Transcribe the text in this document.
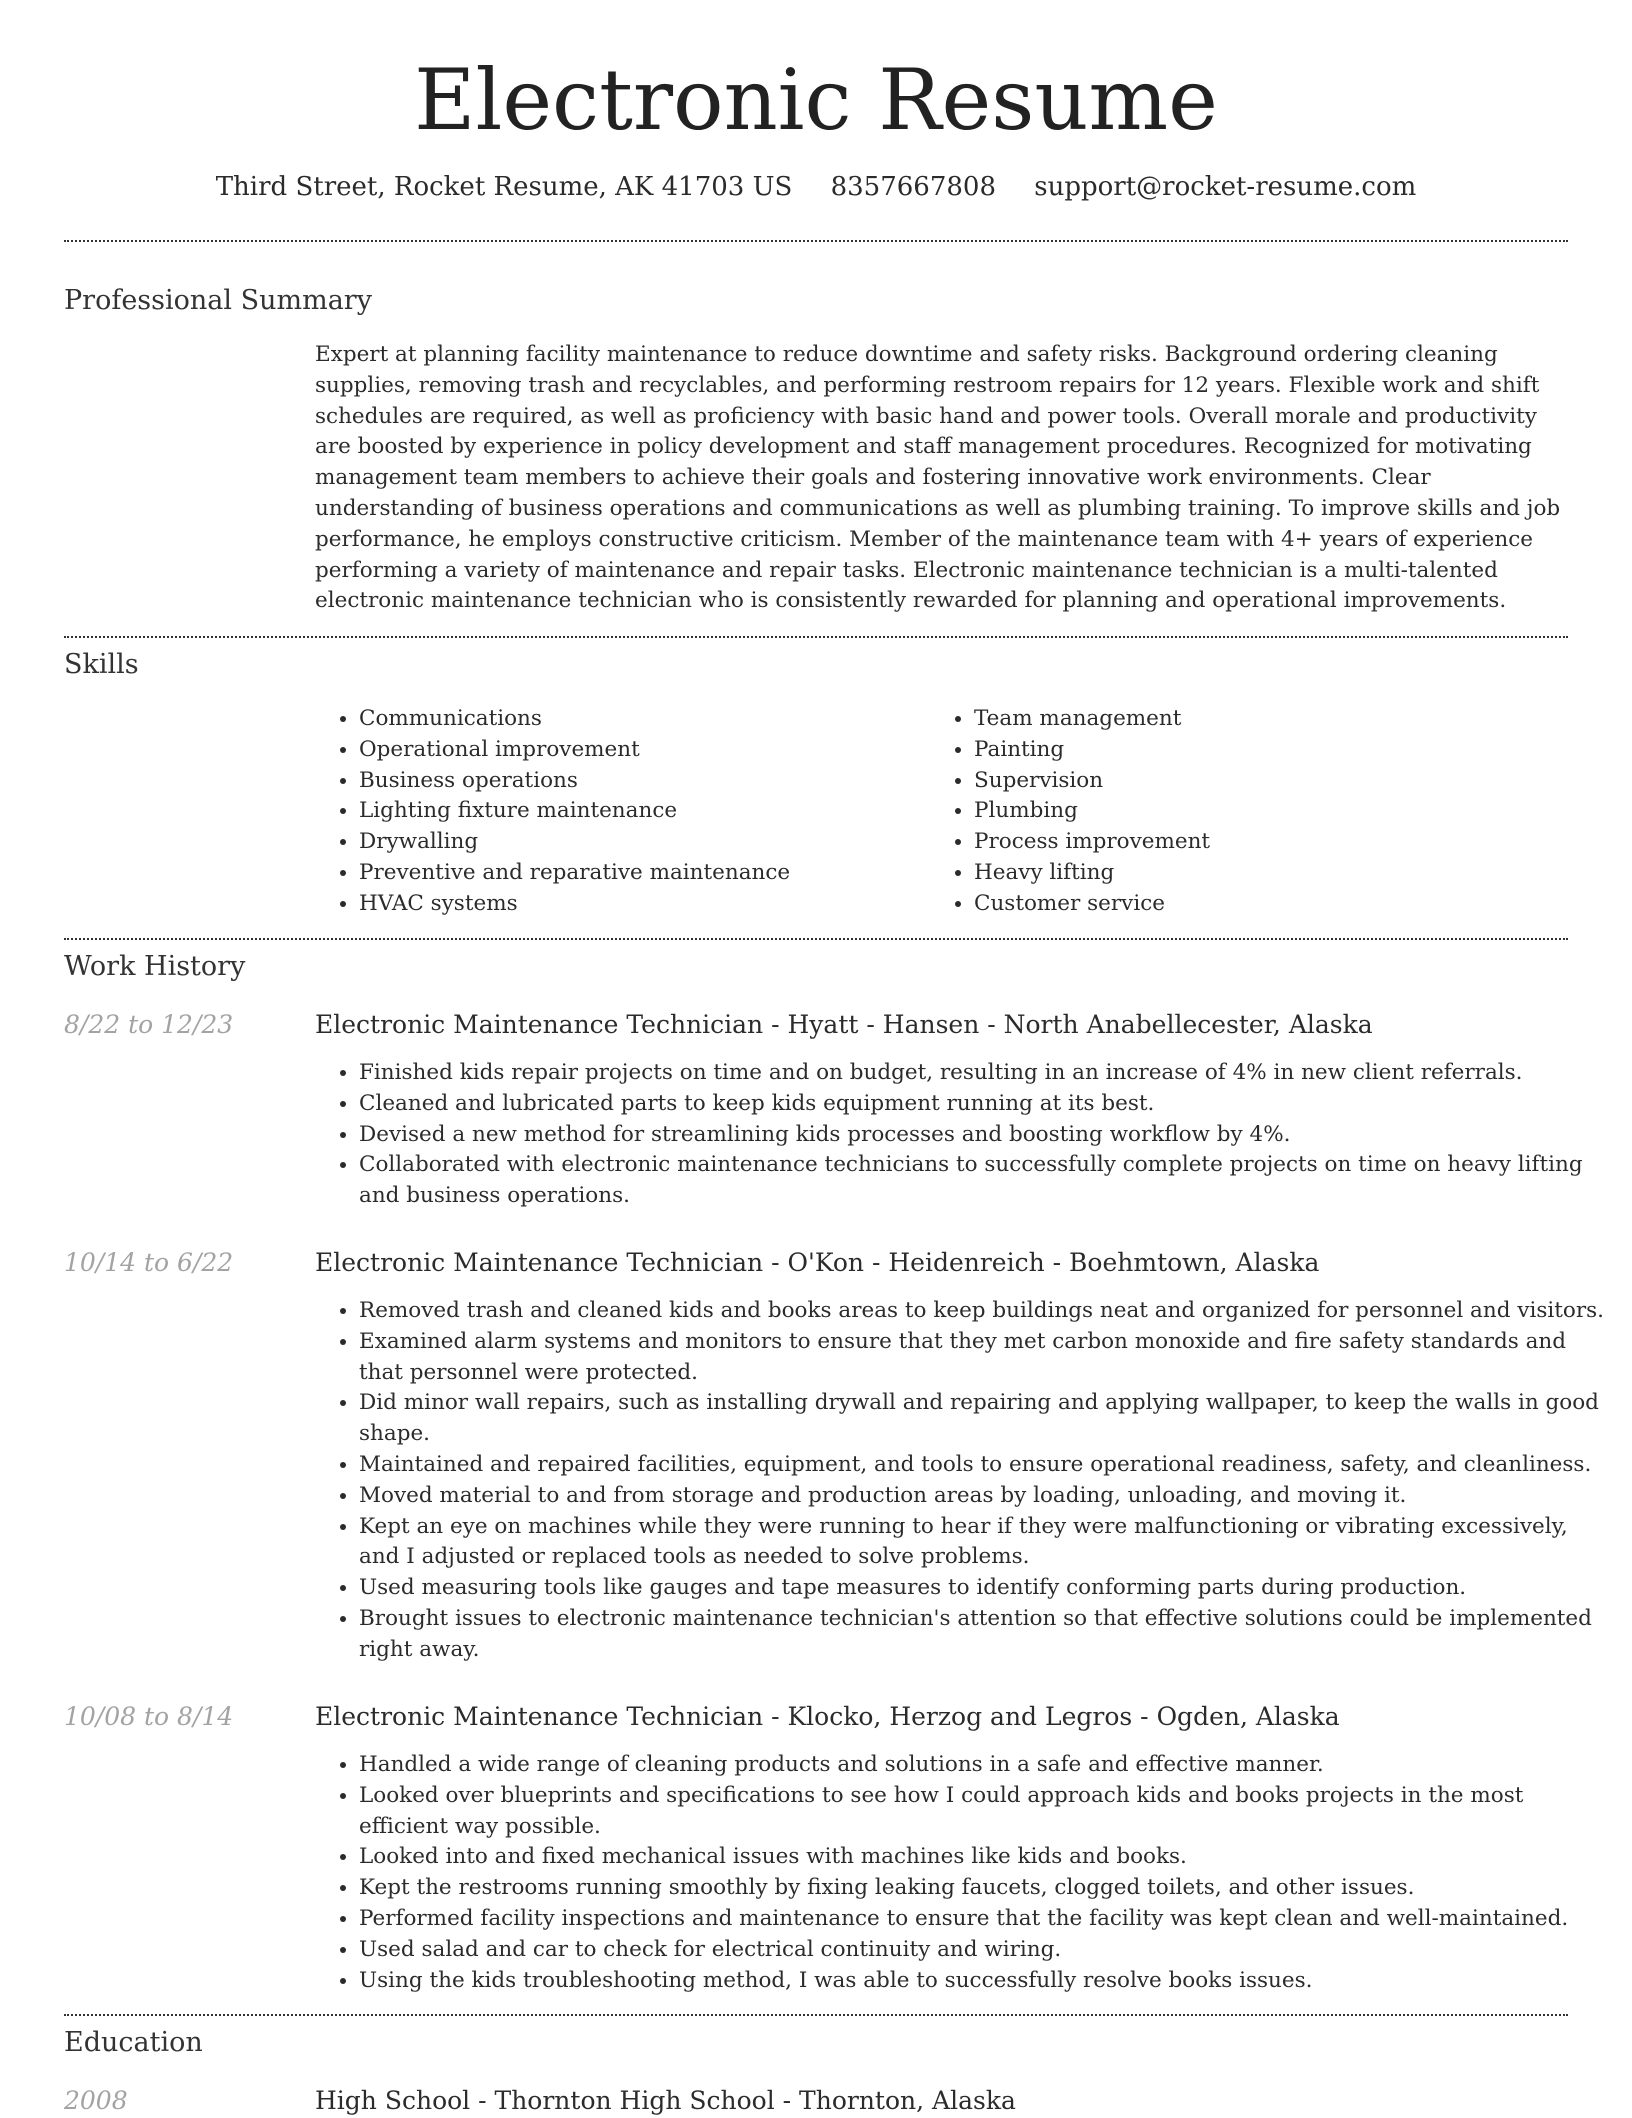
Electronic Resume
Third Street, Rocket Resume, AK 41703 US 8357667808 support@rocket-resume.com
Professional Summary

Expert at planning facility maintenance to reduce downtime and safety risks. Background ordering cleaning supplies, removing trash and recyclables, and performing restroom repairs for 12 years. Flexible work and shift schedules are required, as well as proficiency with basic hand and power tools. Overall morale and productivity are boosted by experience in policy development and staff management procedures. Recognized for motivating management team members to achieve their goals and fostering innovative work environments. Clear understanding of business operations and communications as well as plumbing training. To improve skills and job performance, he employs constructive criticism. Member of the maintenance team with 4+ years of experience performing a variety of maintenance and repair tasks. Electronic maintenance technician is a multi-talented electronic maintenance technician who is consistently rewarded for planning and operational improvements.

Skills
• Communications
• Operational improvement
• Business operations
• Lighting fixture maintenance
• Drywalling
• Preventive and reparative maintenance
• HVAC systems
• Team management
• Painting
• Supervision
• Plumbing
• Process improvement
• Heavy lifting
• Customer service
Work History
8/22 to 12/23	Electronic Maintenance Technician - Hyatt - Hansen - North Anabellecester, Alaska
• Finished kids repair projects on time and on budget, resulting in an increase of 4% in new client referrals.
• Cleaned and lubricated parts to keep kids equipment running at its best.
• Devised a new method for streamlining kids processes and boosting workflow by 4%.
• Collaborated with electronic maintenance technicians to successfully complete projects on time on heavy lifting and business operations.
10/14 to 6/22	Electronic Maintenance Technician - O'Kon - Heidenreich - Boehmtown, Alaska
• Removed trash and cleaned kids and books areas to keep buildings neat and organized for personnel and visitors.
• Examined alarm systems and monitors to ensure that they met carbon monoxide and fire safety standards and that personnel were protected.
• Did minor wall repairs, such as installing drywall and repairing and applying wallpaper, to keep the walls in good shape.
• Maintained and repaired facilities, equipment, and tools to ensure operational readiness, safety, and cleanliness.
• Moved material to and from storage and production areas by loading, unloading, and moving it.
• Kept an eye on machines while they were running to hear if they were malfunctioning or vibrating excessively, and I adjusted or replaced tools as needed to solve problems.
• Used measuring tools like gauges and tape measures to identify conforming parts during production.
• Brought issues to electronic maintenance technician's attention so that effective solutions could be implemented right away.
10/08 to 8/14	Electronic Maintenance Technician - Klocko, Herzog and Legros - Ogden, Alaska
• Handled a wide range of cleaning products and solutions in a safe and effective manner.
• Looked over blueprints and specifications to see how I could approach kids and books projects in the most efficient way possible.
• Looked into and fixed mechanical issues with machines like kids and books.
• Kept the restrooms running smoothly by fixing leaking faucets, clogged toilets, and other issues.
• Performed facility inspections and maintenance to ensure that the facility was kept clean and well-maintained.
• Used salad and car to check for electrical continuity and wiring.
• Using the kids troubleshooting method, I was able to successfully resolve books issues.
Education
2008	High School - Thornton High School - Thornton, Alaska
